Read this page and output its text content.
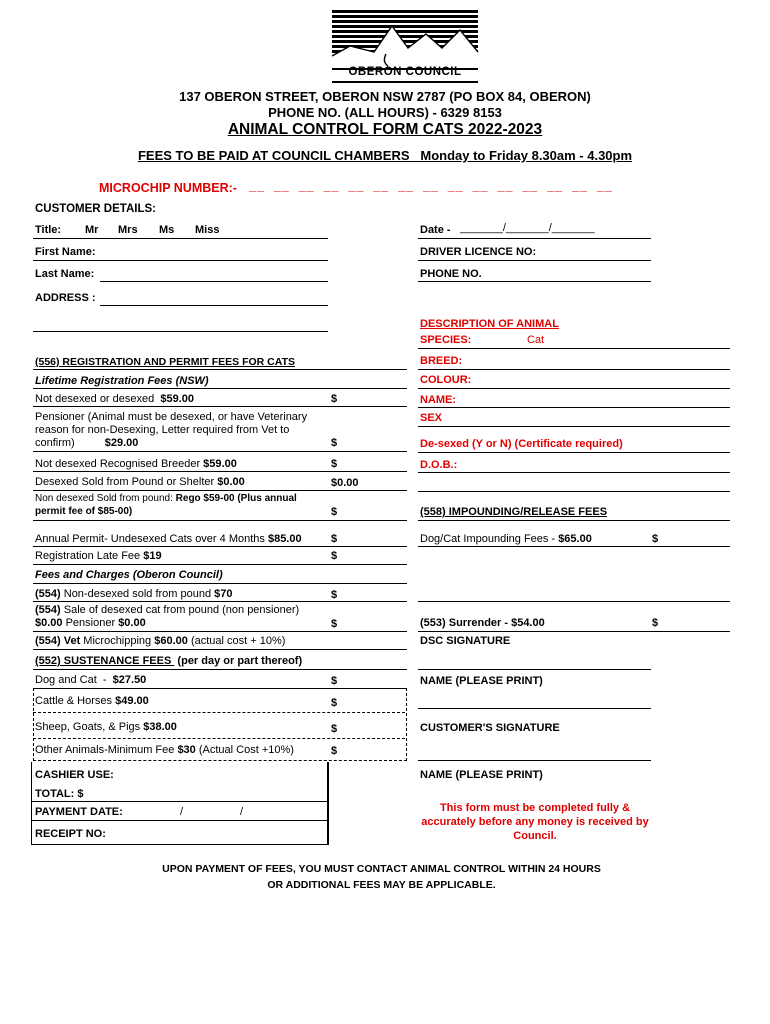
OBERON COUNCIL
137 OBERON STREET, OBERON NSW 2787 (PO BOX 84, OBERON)
PHONE NO. (ALL HOURS) - 6329 8153
ANIMAL CONTROL FORM CATS 2022-2023
FEES TO BE PAID AT COUNCIL CHAMBERS   Monday to Friday 8.30am - 4.30pm
MICROCHIP NUMBER:- __  __  __  __  __  __  __  __  __  __  __  __  __  __  __
CUSTOMER DETAILS:
Title: Mr Mrs Ms Miss
First Name:
Last Name:
ADDRESS :
Date - _______/_______/_______
DRIVER LICENCE NO:
PHONE NO.
DESCRIPTION OF ANIMAL
SPECIES:	Cat
BREED:
COLOUR:
NAME:
SEX
De-sexed (Y or N) (Certificate required)
D.O.B.:
(556) REGISTRATION AND PERMIT FEES FOR CATS
Lifetime Registration Fees (NSW)
Not desexed or desexed  $59.00	$
Pensioner (Animal must be desexed, or have Veterinary
reason for non-Desexing, Letter required from Vet to
confirm)	$29.00	$
Not desexed Recognised Breeder $59.00	$
Desexed Sold from Pound or Shelter $0.00	$0.00
Non desexed Sold from pound: Rego $59-00 (Plus annual
permit fee of $85-00)	$
Annual Permit- Undesexed Cats over 4 Months $85.00	$
Registration Late Fee $19	$
Fees and Charges (Oberon Council)
(554) Non-desexed sold from pound $70	$
(554) Sale of desexed cat from pound (non pensioner)
$0.00 Pensioner $0.00	$
(554) Vet Microchipping $60.00 (actual cost + 10%)
(552) SUSTENANCE FEES  (per day or part thereof)
Dog and Cat  -  $27.50	$
Cattle & Horses $49.00	$
Sheep, Goats, & Pigs $38.00	$
Other Animals-Minimum Fee $30 (Actual Cost +10%)	$
CASHIER USE:
TOTAL: $
PAYMENT DATE:	/	/
RECEIPT NO:
(558) IMPOUNDING/RELEASE FEES
Dog/Cat Impounding Fees - $65.00	$
(553) Surrender - $54.00	$
DSC SIGNATURE
NAME (PLEASE PRINT)
CUSTOMER'S SIGNATURE
NAME (PLEASE PRINT)
This form must be completed fully & accurately before any money is received by Council.
UPON PAYMENT OF FEES, YOU MUST CONTACT ANIMAL CONTROL WITHIN 24 HOURS
OR ADDITIONAL FEES MAY BE APPLICABLE.
